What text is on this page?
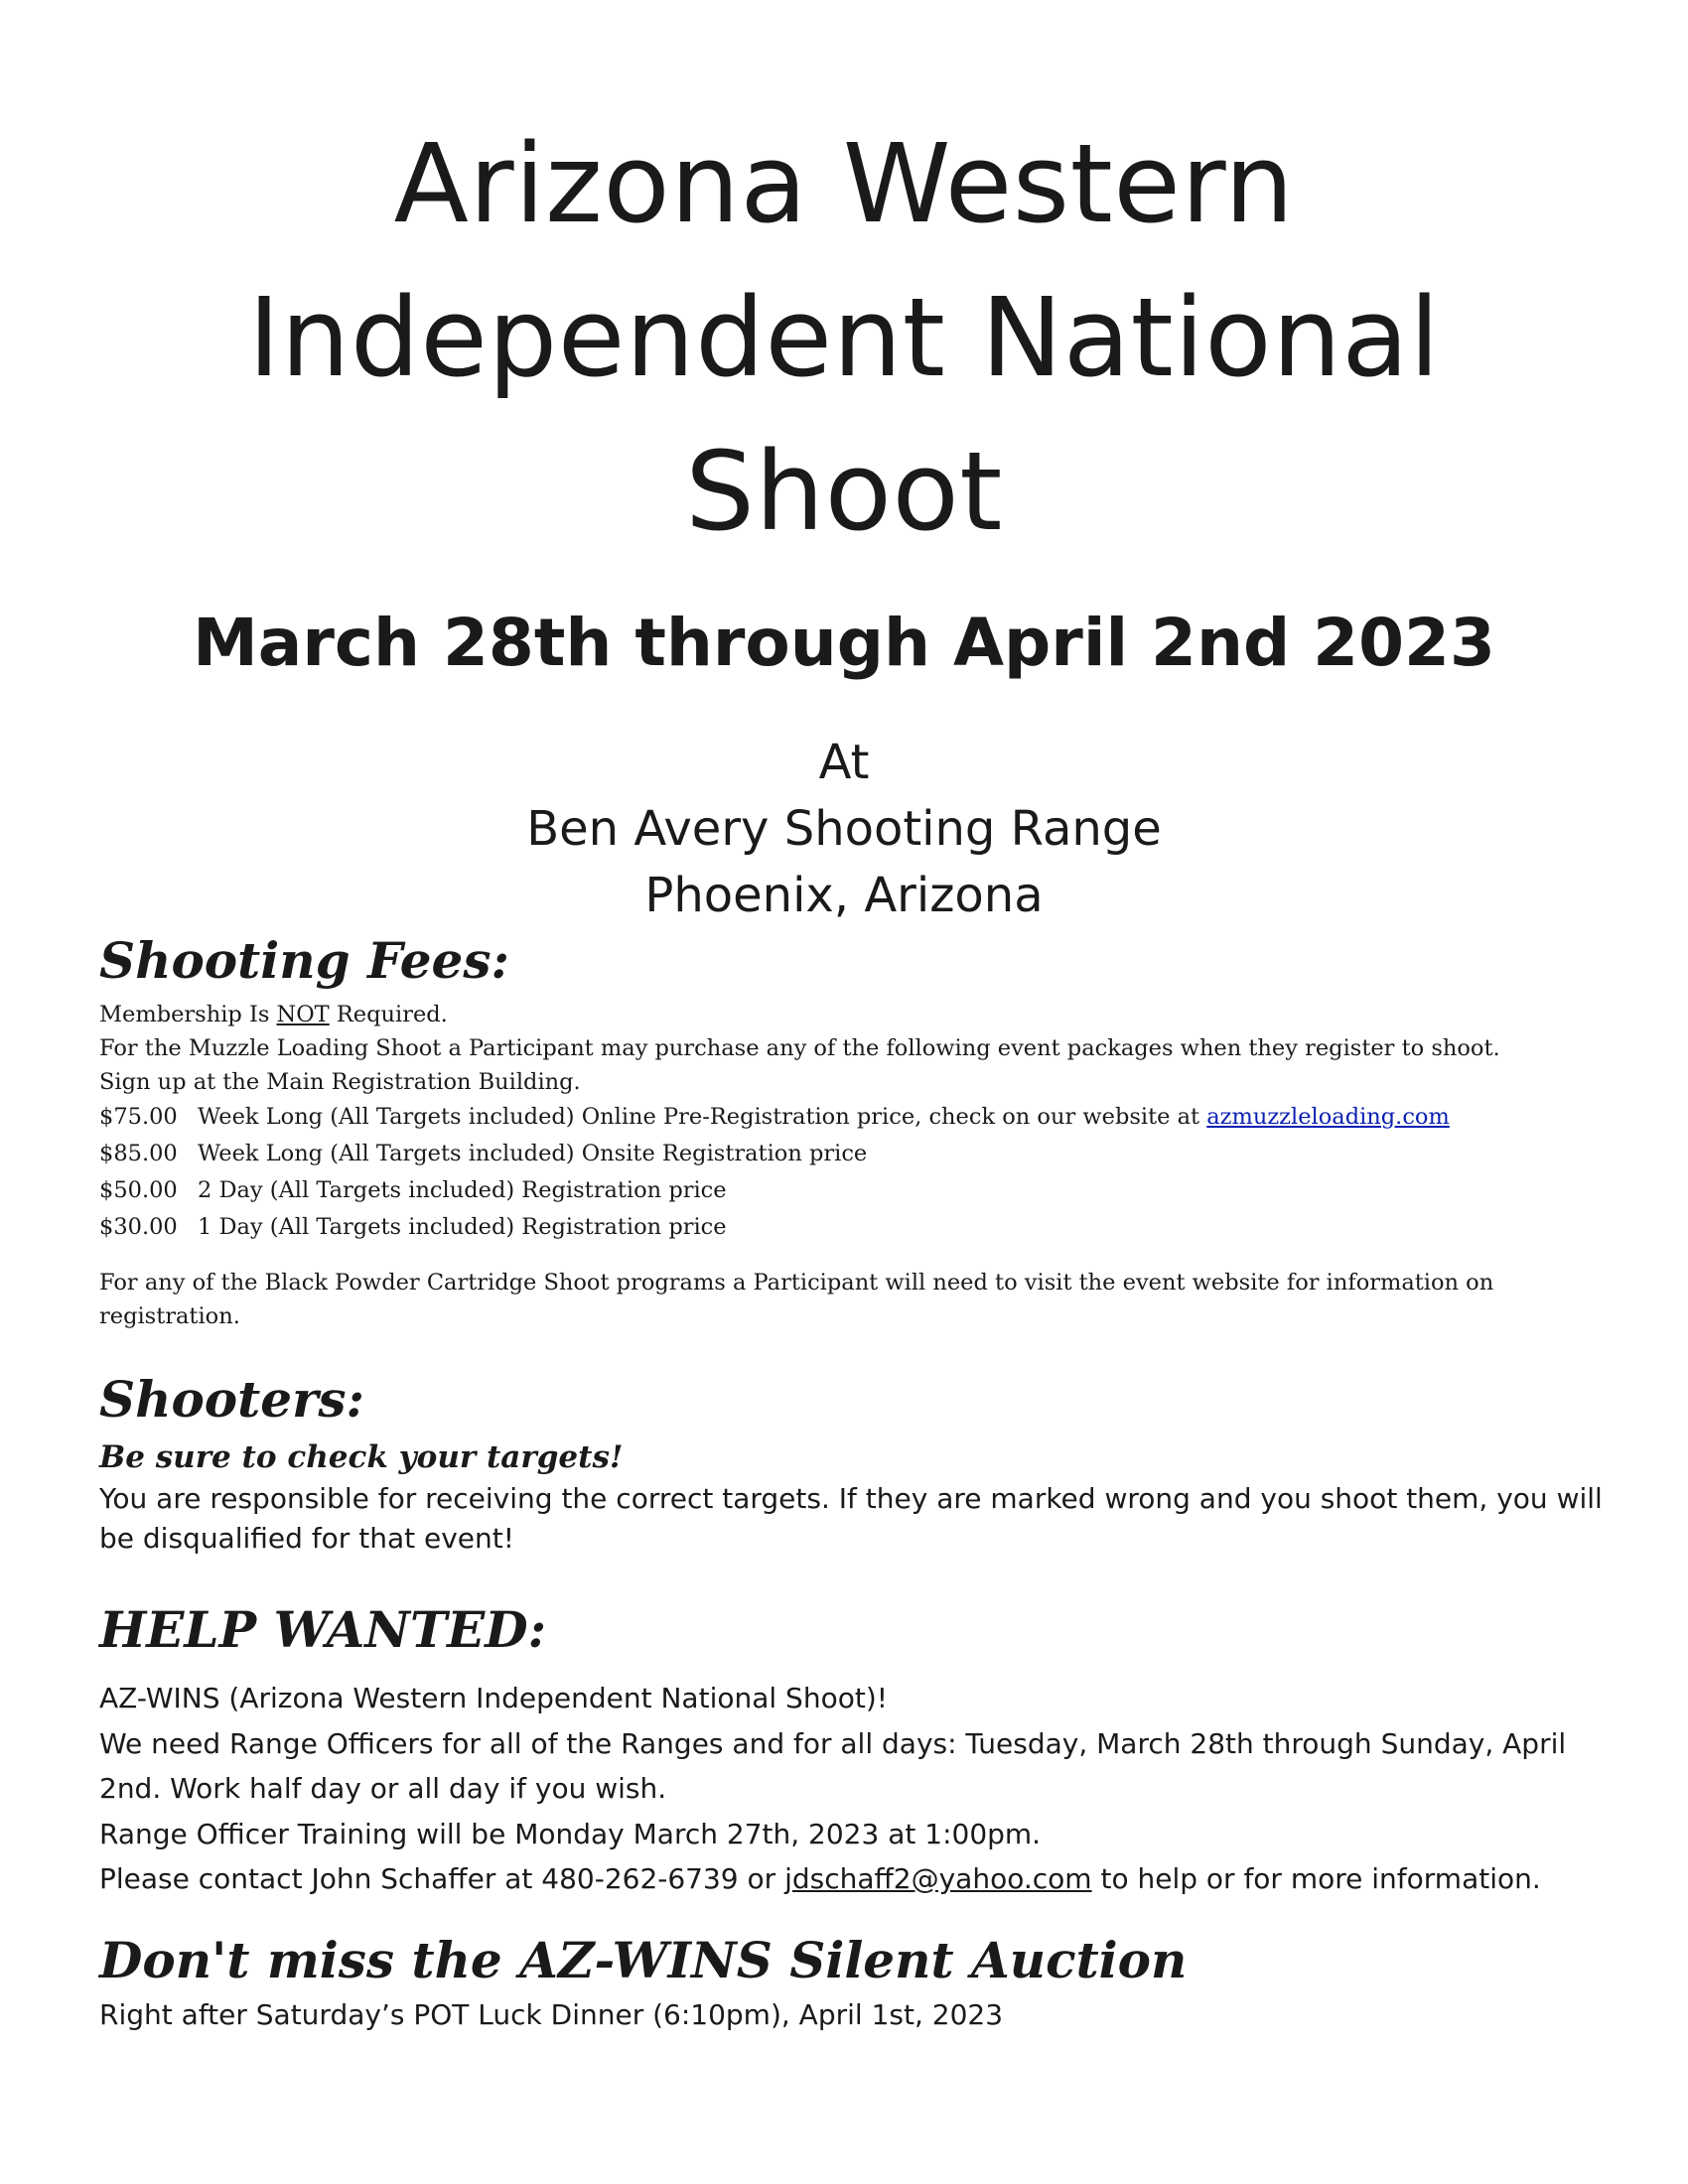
Arizona Western
Independent National
Shoot
March 28th through April 2nd 2023
At
Ben Avery Shooting Range
Phoenix, Arizona
Shooting Fees:

Membership Is NOT Required.

For the Muzzle Loading Shoot a Participant may purchase any of the following event packages when they register to shoot.

Sign up at the Main Registration Building.

$75.00 Week Long (All Targets included) Online Pre-Registration price, check on our website at azmuzzleloading.com
$85.00 Week Long (All Targets included) Onsite Registration price
$50.00 2 Day (All Targets included) Registration price
$30.00 1 Day (All Targets included) Registration price
For any of the Black Powder Cartridge Shoot programs a Participant will need to visit the event website for information on registration.
Shooters:
Be sure to check your targets!
You are responsible for receiving the correct targets. If they are marked wrong and you shoot them, you will be disqualified for that event!
HELP WANTED:

AZ-WINS (Arizona Western Independent National Shoot)!

We need Range Officers for all of the Ranges and for all days: Tuesday, March 28th through Sunday, April 2nd. Work half day or all day if you wish.

Range Officer Training will be Monday March 27th, 2023 at 1:00pm.

Please contact John Schaffer at 480-262-6739 or jdschaff2@yahoo.com to help or for more information.

Don't miss the AZ-WINS Silent Auction
Right after Saturday’s POT Luck Dinner (6:10pm), April 1st, 2023
